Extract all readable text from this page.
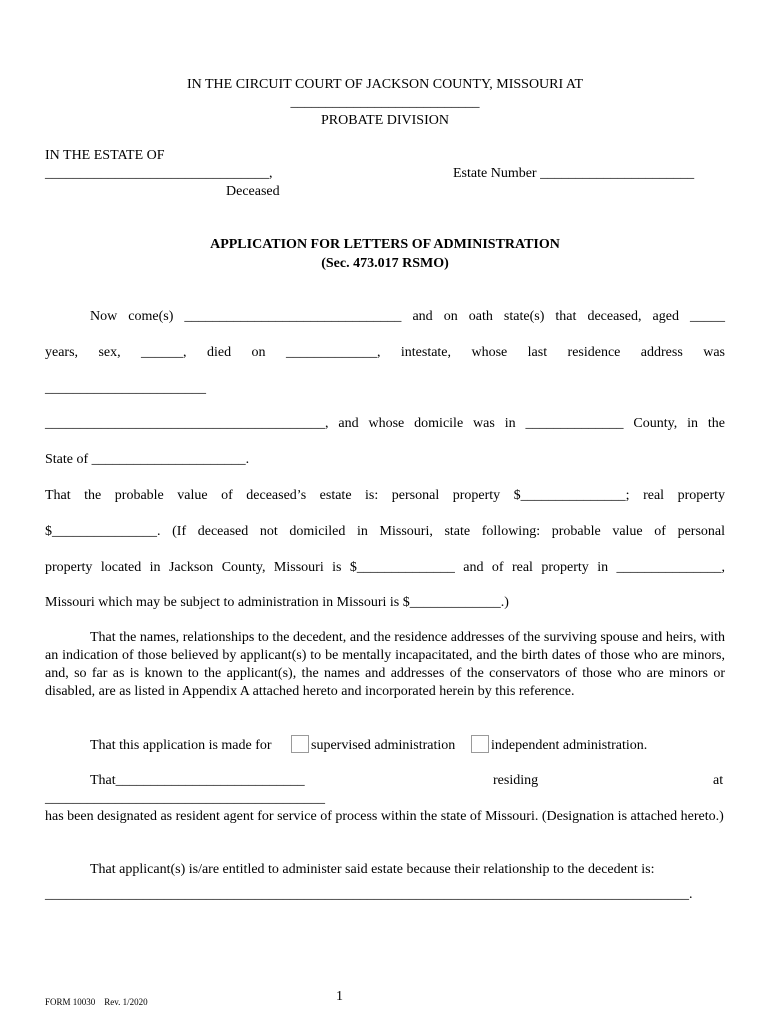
IN THE CIRCUIT COURT OF JACKSON COUNTY, MISSOURI AT
___________________________
PROBATE DIVISION
IN THE ESTATE OF
________________________________,
Deceased
Estate Number ______________________
APPLICATION FOR LETTERS OF ADMINISTRATION
(Sec. 473.017 RSMO)
Now come(s) _______________________________ and on oath state(s) that deceased, aged _____
years, sex, ______, died on _____________, intestate, whose last residence address was
_______________________
________________________________________, and whose domicile was in ______________ County, in the
State of ______________________.
That the probable value of deceased’s estate is: personal property $_______________; real property
$_______________. (If deceased not domiciled in Missouri, state following: probable value of personal
property located in Jackson County, Missouri is $______________ and of real property in _______________,
Missouri which may be subject to administration in Missouri is $_____________.)
That the names, relationships to the decedent, and the residence addresses of the surviving spouse and heirs, with an indication of those believed by applicant(s) to be mentally incapacitated, and the birth dates of those who are minors, and, so far as is known to the applicant(s), the names and addresses of the conservators of those who are minors or disabled, are as listed in Appendix A attached hereto and incorporated herein by this reference.
That this application is made for	supervised administration	independent administration.
That___________________________	residing	at
________________________________________
has been designated as resident agent for service of process within the state of Missouri. (Designation is attached hereto.)
That applicant(s) is/are entitled to administer said estate because their relationship to the decedent is:
____________________________________________________________________________________________.
FORM 10030    Rev. 1/2020	1
